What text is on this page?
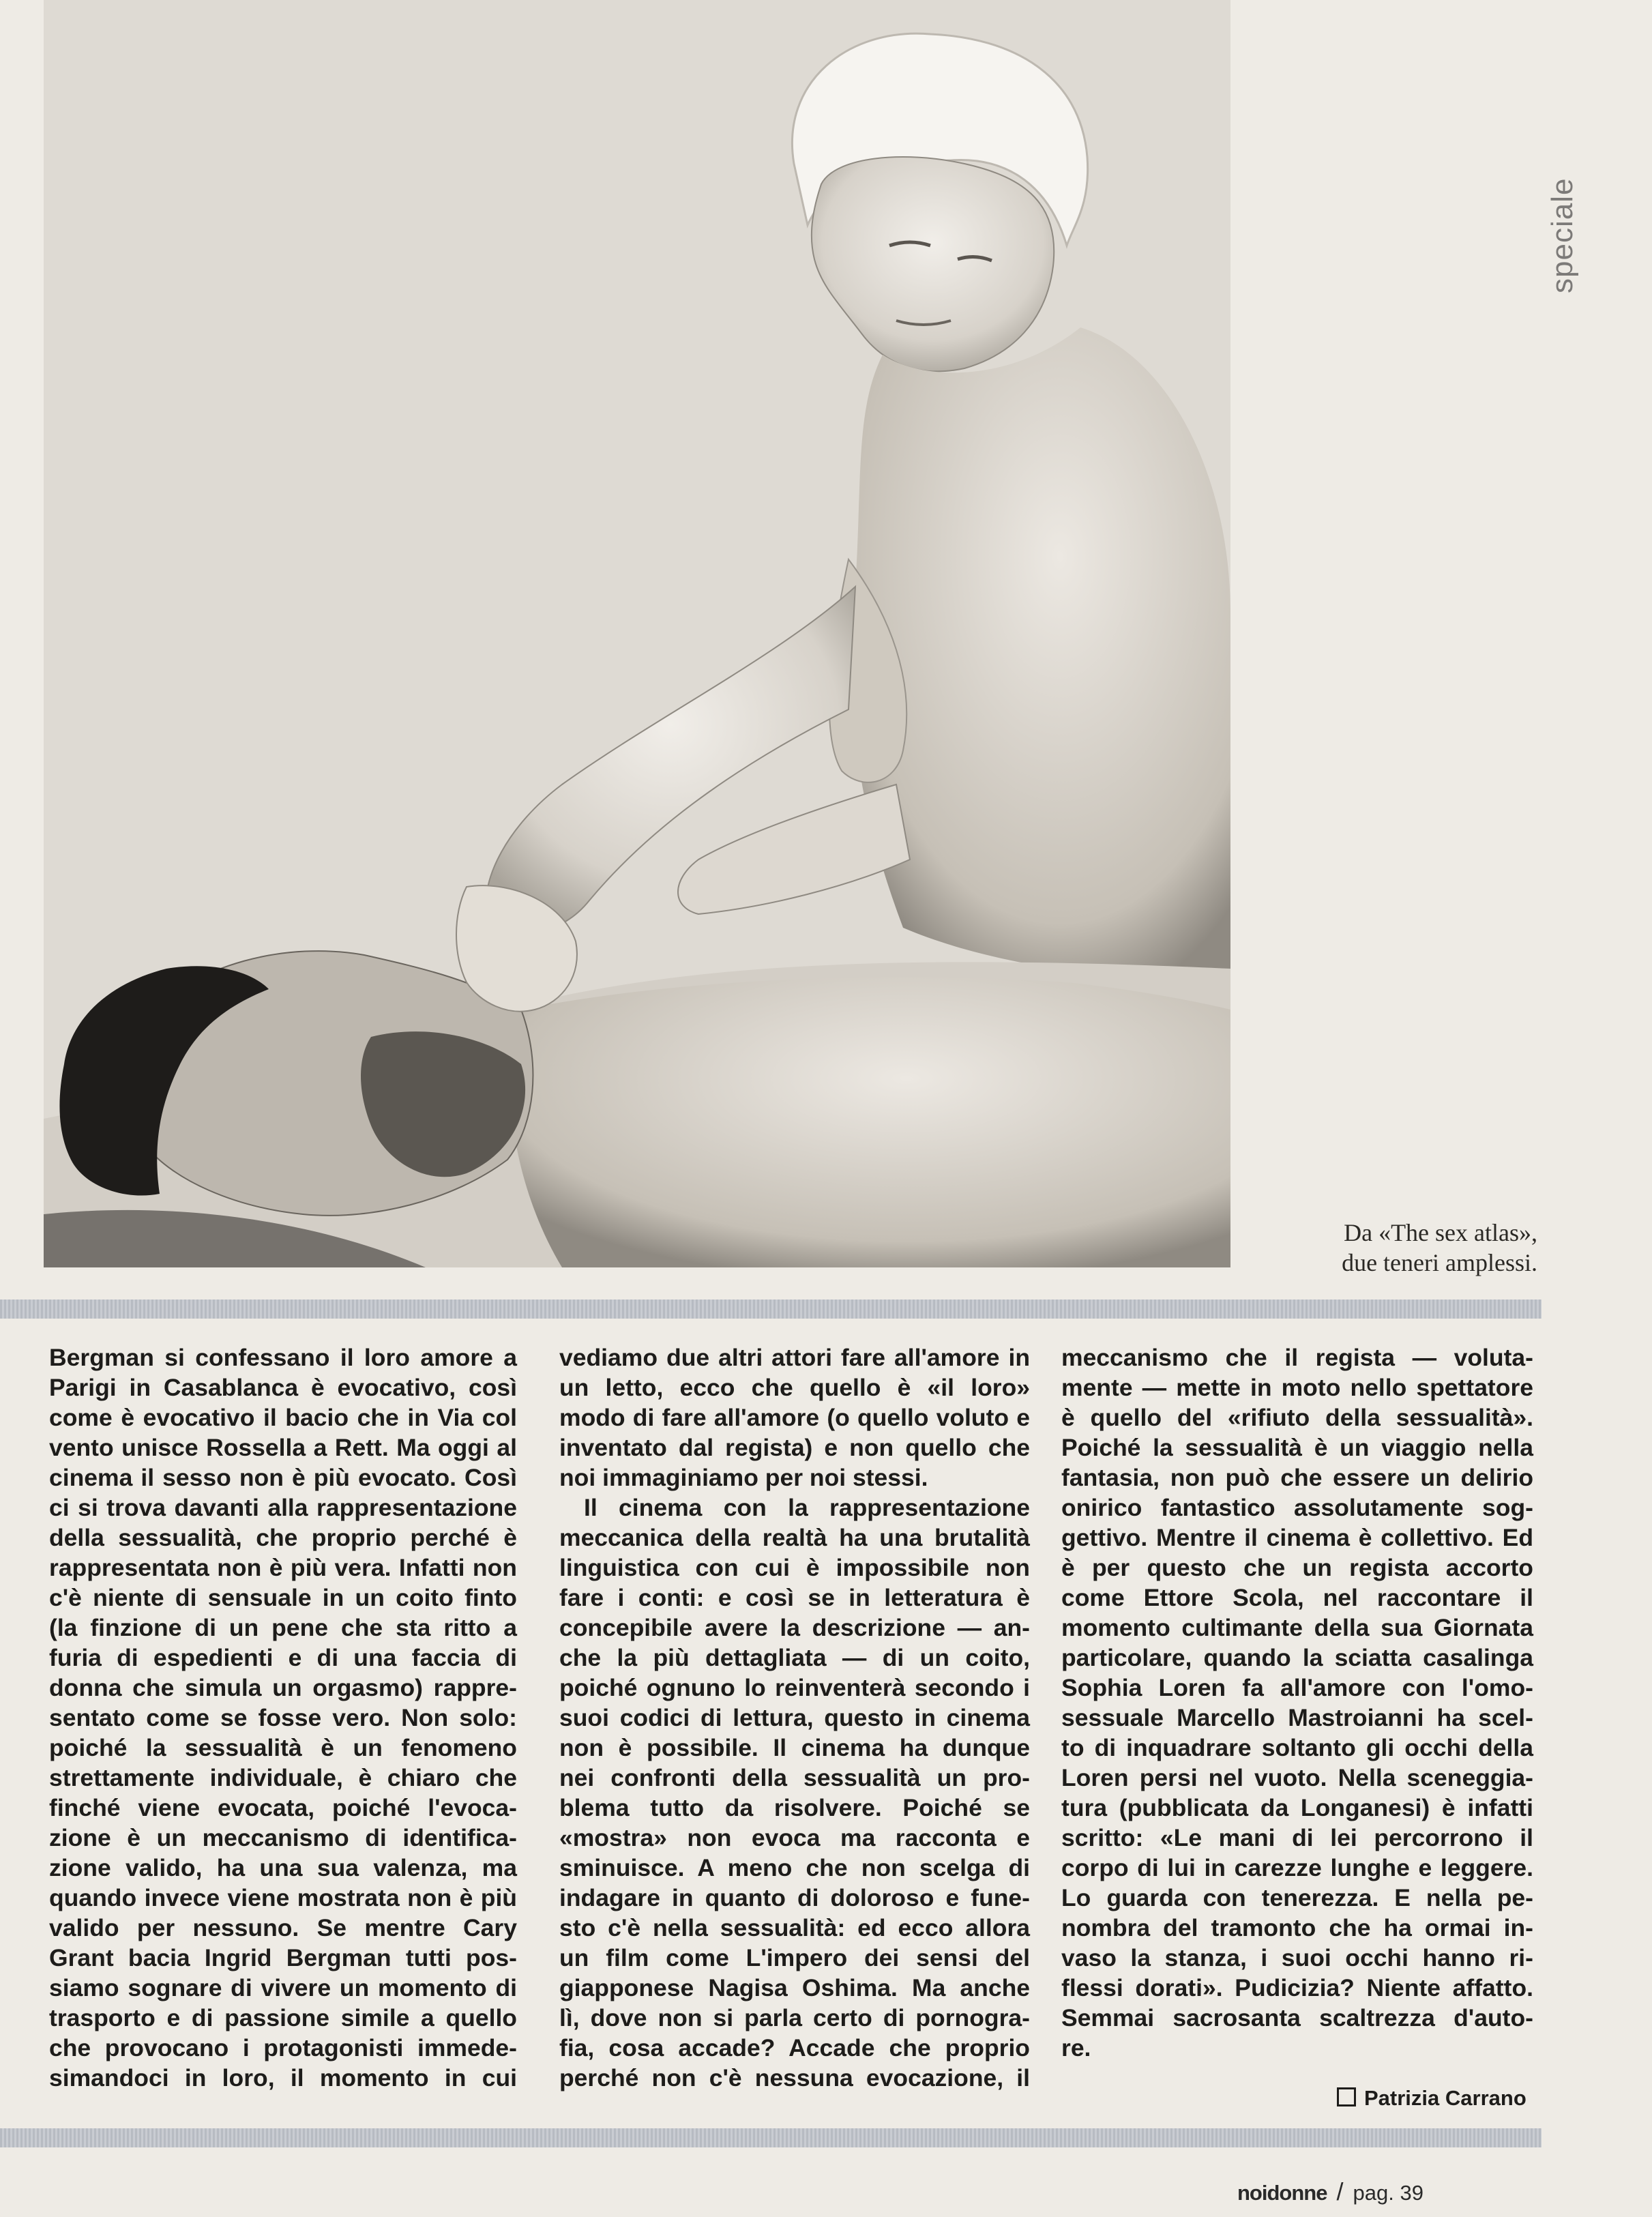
Da «The sex atlas»,
due teneri amplessi.
speciale
Bergman si confessano il loro amore a
Parigi in Casablanca è evocativo, così
come è evocativo il bacio che in Via col
vento unisce Rossella a Rett. Ma oggi al
cinema il sesso non è più evocato. Così
ci si trova davanti alla rappresentazione
della sessualità, che proprio perché è
rappresentata non è più vera. Infatti non
c'è niente di sensuale in un coito finto
(la finzione di un pene che sta ritto a
furia di espedienti e di una faccia di
donna che simula un orgasmo) rappre-
sentato come se fosse vero. Non solo:
poiché la sessualità è un fenomeno
strettamente individuale, è chiaro che
finché viene evocata, poiché l'evoca-
zione è un meccanismo di identifica-
zione valido, ha una sua valenza, ma
quando invece viene mostrata non è più
valido per nessuno. Se mentre Cary
Grant bacia Ingrid Bergman tutti pos-
siamo sognare di vivere un momento di
trasporto e di passione simile a quello
che provocano i protagonisti immede-
simandoci in loro, il momento in cui
vediamo due altri attori fare all'amore in
un letto, ecco che quello è «il loro»
modo di fare all'amore (o quello voluto e
inventato dal regista) e non quello che
noi immaginiamo per noi stessi.
Il cinema con la rappresentazione
meccanica della realtà ha una brutalità
linguistica con cui è impossibile non
fare i conti: e così se in letteratura è
concepibile avere la descrizione — an-
che la più dettagliata — di un coito,
poiché ognuno lo reinventerà secondo i
suoi codici di lettura, questo in cinema
non è possibile. Il cinema ha dunque
nei confronti della sessualità un pro-
blema tutto da risolvere. Poiché se
«mostra» non evoca ma racconta e
sminuisce. A meno che non scelga di
indagare in quanto di doloroso e fune-
sto c'è nella sessualità: ed ecco allora
un film come L'impero dei sensi del
giapponese Nagisa Oshima. Ma anche
lì, dove non si parla certo di pornogra-
fia, cosa accade? Accade che proprio
perché non c'è nessuna evocazione, il
meccanismo che il regista — voluta-
mente — mette in moto nello spettatore
è quello del «rifiuto della sessualità».
Poiché la sessualità è un viaggio nella
fantasia, non può che essere un delirio
onirico fantastico assolutamente sog-
gettivo. Mentre il cinema è collettivo. Ed
è per questo che un regista accorto
come Ettore Scola, nel raccontare il
momento cultimante della sua Giornata
particolare, quando la sciatta casalinga
Sophia Loren fa all'amore con l'omo-
sessuale Marcello Mastroianni ha scel-
to di inquadrare soltanto gli occhi della
Loren persi nel vuoto. Nella sceneggia-
tura (pubblicata da Longanesi) è infatti
scritto: «Le mani di lei percorrono il
corpo di lui in carezze lunghe e leggere.
Lo guarda con tenerezza. E nella pe-
nombra del tramonto che ha ormai in-
vaso la stanza, i suoi occhi hanno ri-
flessi dorati». Pudicizia? Niente affatto.
Semmai sacrosanta scaltrezza d'auto-
re.
Patrizia Carrano
noidonne / pag. 39
